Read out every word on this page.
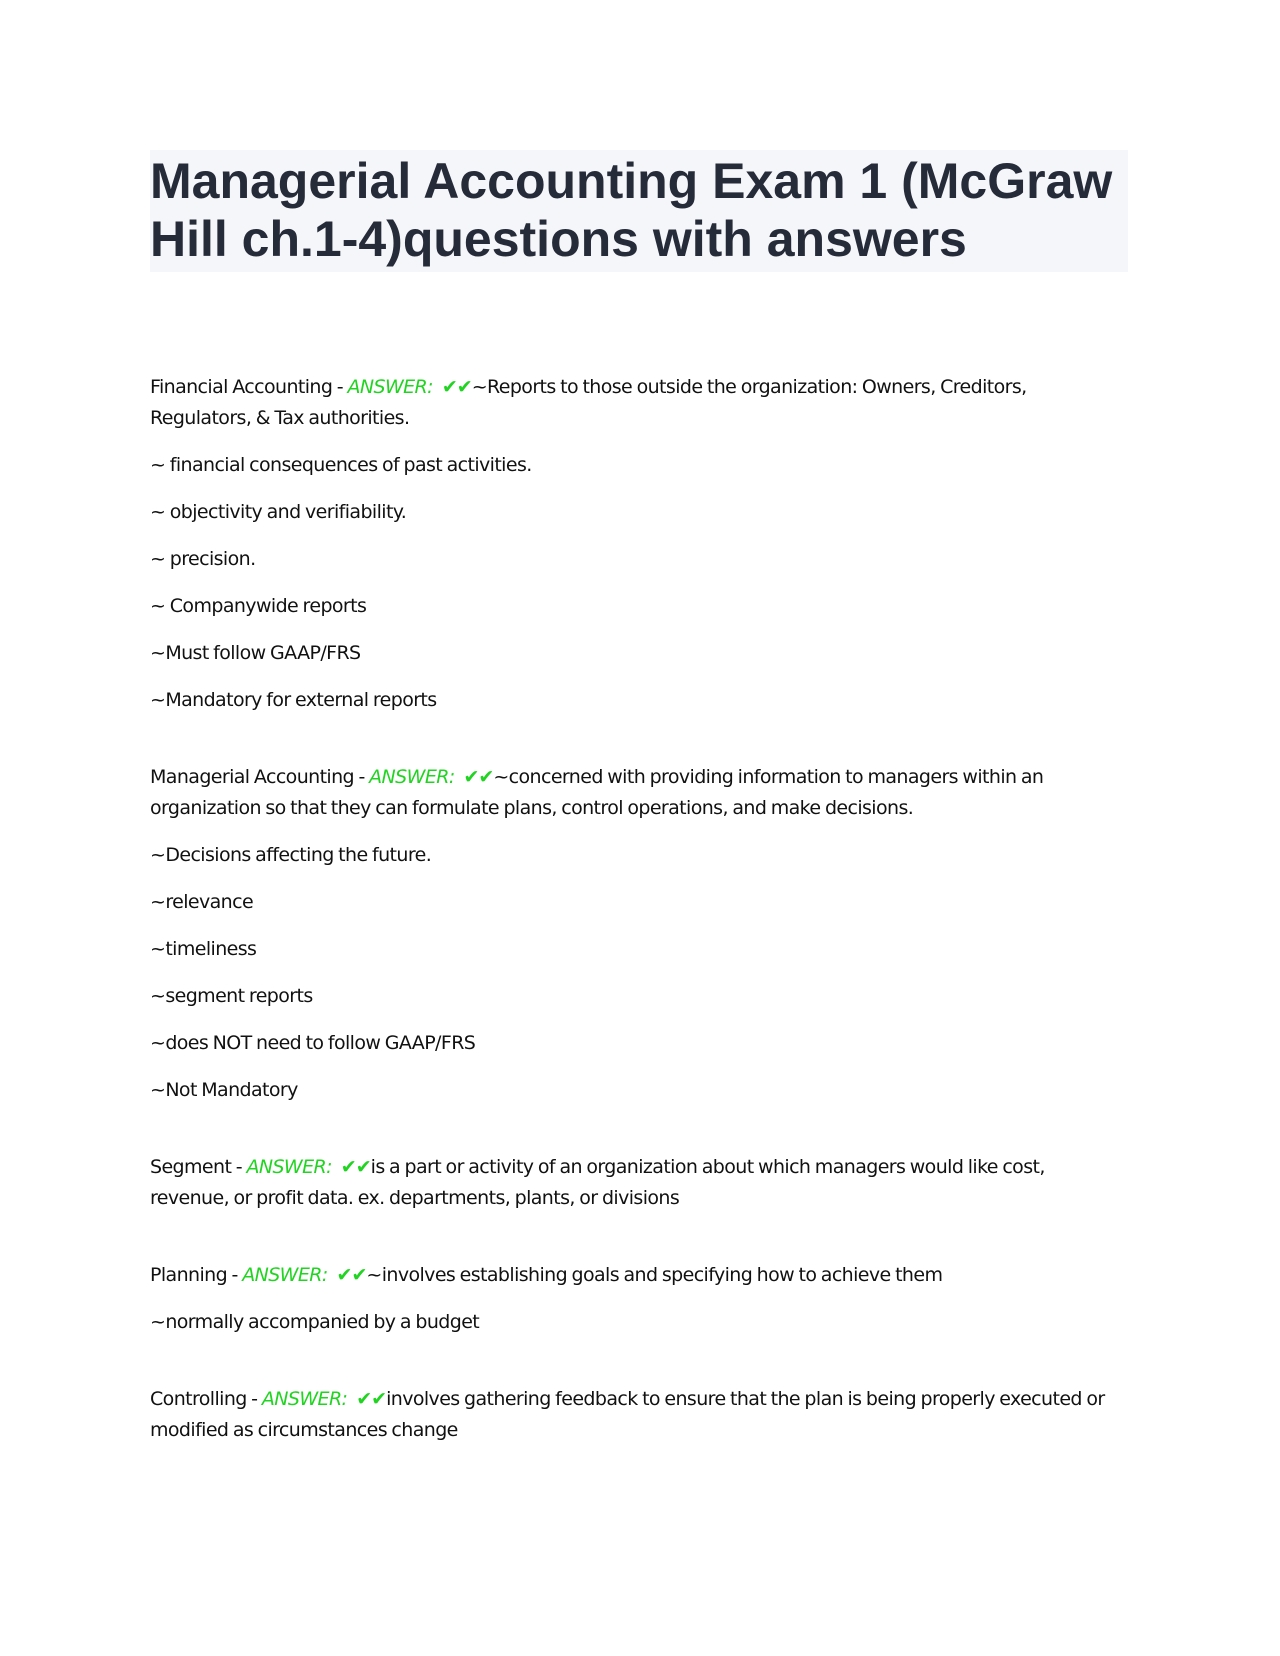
Managerial Accounting Exam 1 (McGraw Hill ch.1-4)questions with answers

Financial Accounting - ANSWER: ✔✔~Reports to those outside the organization: Owners, Creditors, Regulators, & Tax authorities.

~ financial consequences of past activities.

~ objectivity and verifiability.

~ precision.

~ Companywide reports

~Must follow GAAP/FRS

~Mandatory for external reports

Managerial Accounting - ANSWER: ✔✔~concerned with providing information to managers within an organization so that they can formulate plans, control operations, and make decisions.

~Decisions affecting the future.

~relevance

~timeliness

~segment reports

~does NOT need to follow GAAP/FRS

~Not Mandatory

Segment - ANSWER: ✔✔is a part or activity of an organization about which managers would like cost, revenue, or profit data. ex. departments, plants, or divisions

Planning - ANSWER: ✔✔~involves establishing goals and specifying how to achieve them

~normally accompanied by a budget

Controlling - ANSWER: ✔✔involves gathering feedback to ensure that the plan is being properly executed or modified as circumstances change
